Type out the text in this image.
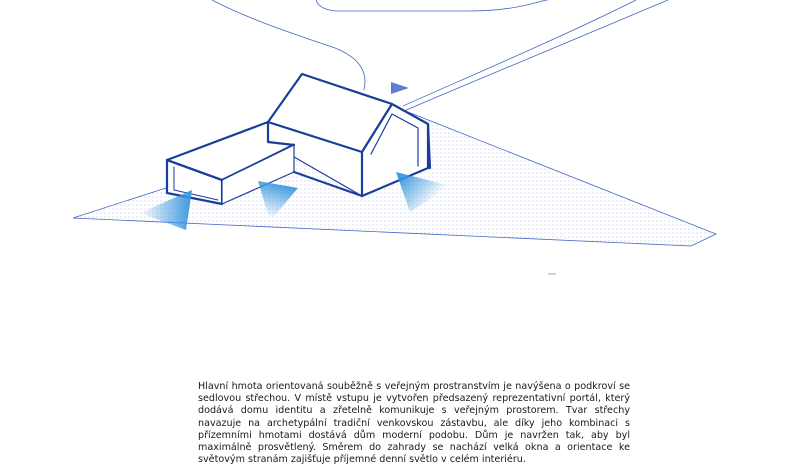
Hlavní hmota orientovaná souběžně s veřejným prostranstvím je navýšena o podkroví se sedlovou střechou. V místě vstupu je vytvořen předsazený reprezentativní portál, který dodává domu identitu a zřetelně komunikuje s veřejným prostorem. Tvar střechy navazuje na archetypální tradiční venkovskou zástavbu, ale díky jeho kombinaci s přízemními hmotami dostává dům moderní podobu. Dům je navržen tak, aby byl maximálně prosvětlený. Směrem do zahrady se nachází velká okna a orientace ke světovým stranám zajišťuje příjemné denní světlo v celém interiéru.
